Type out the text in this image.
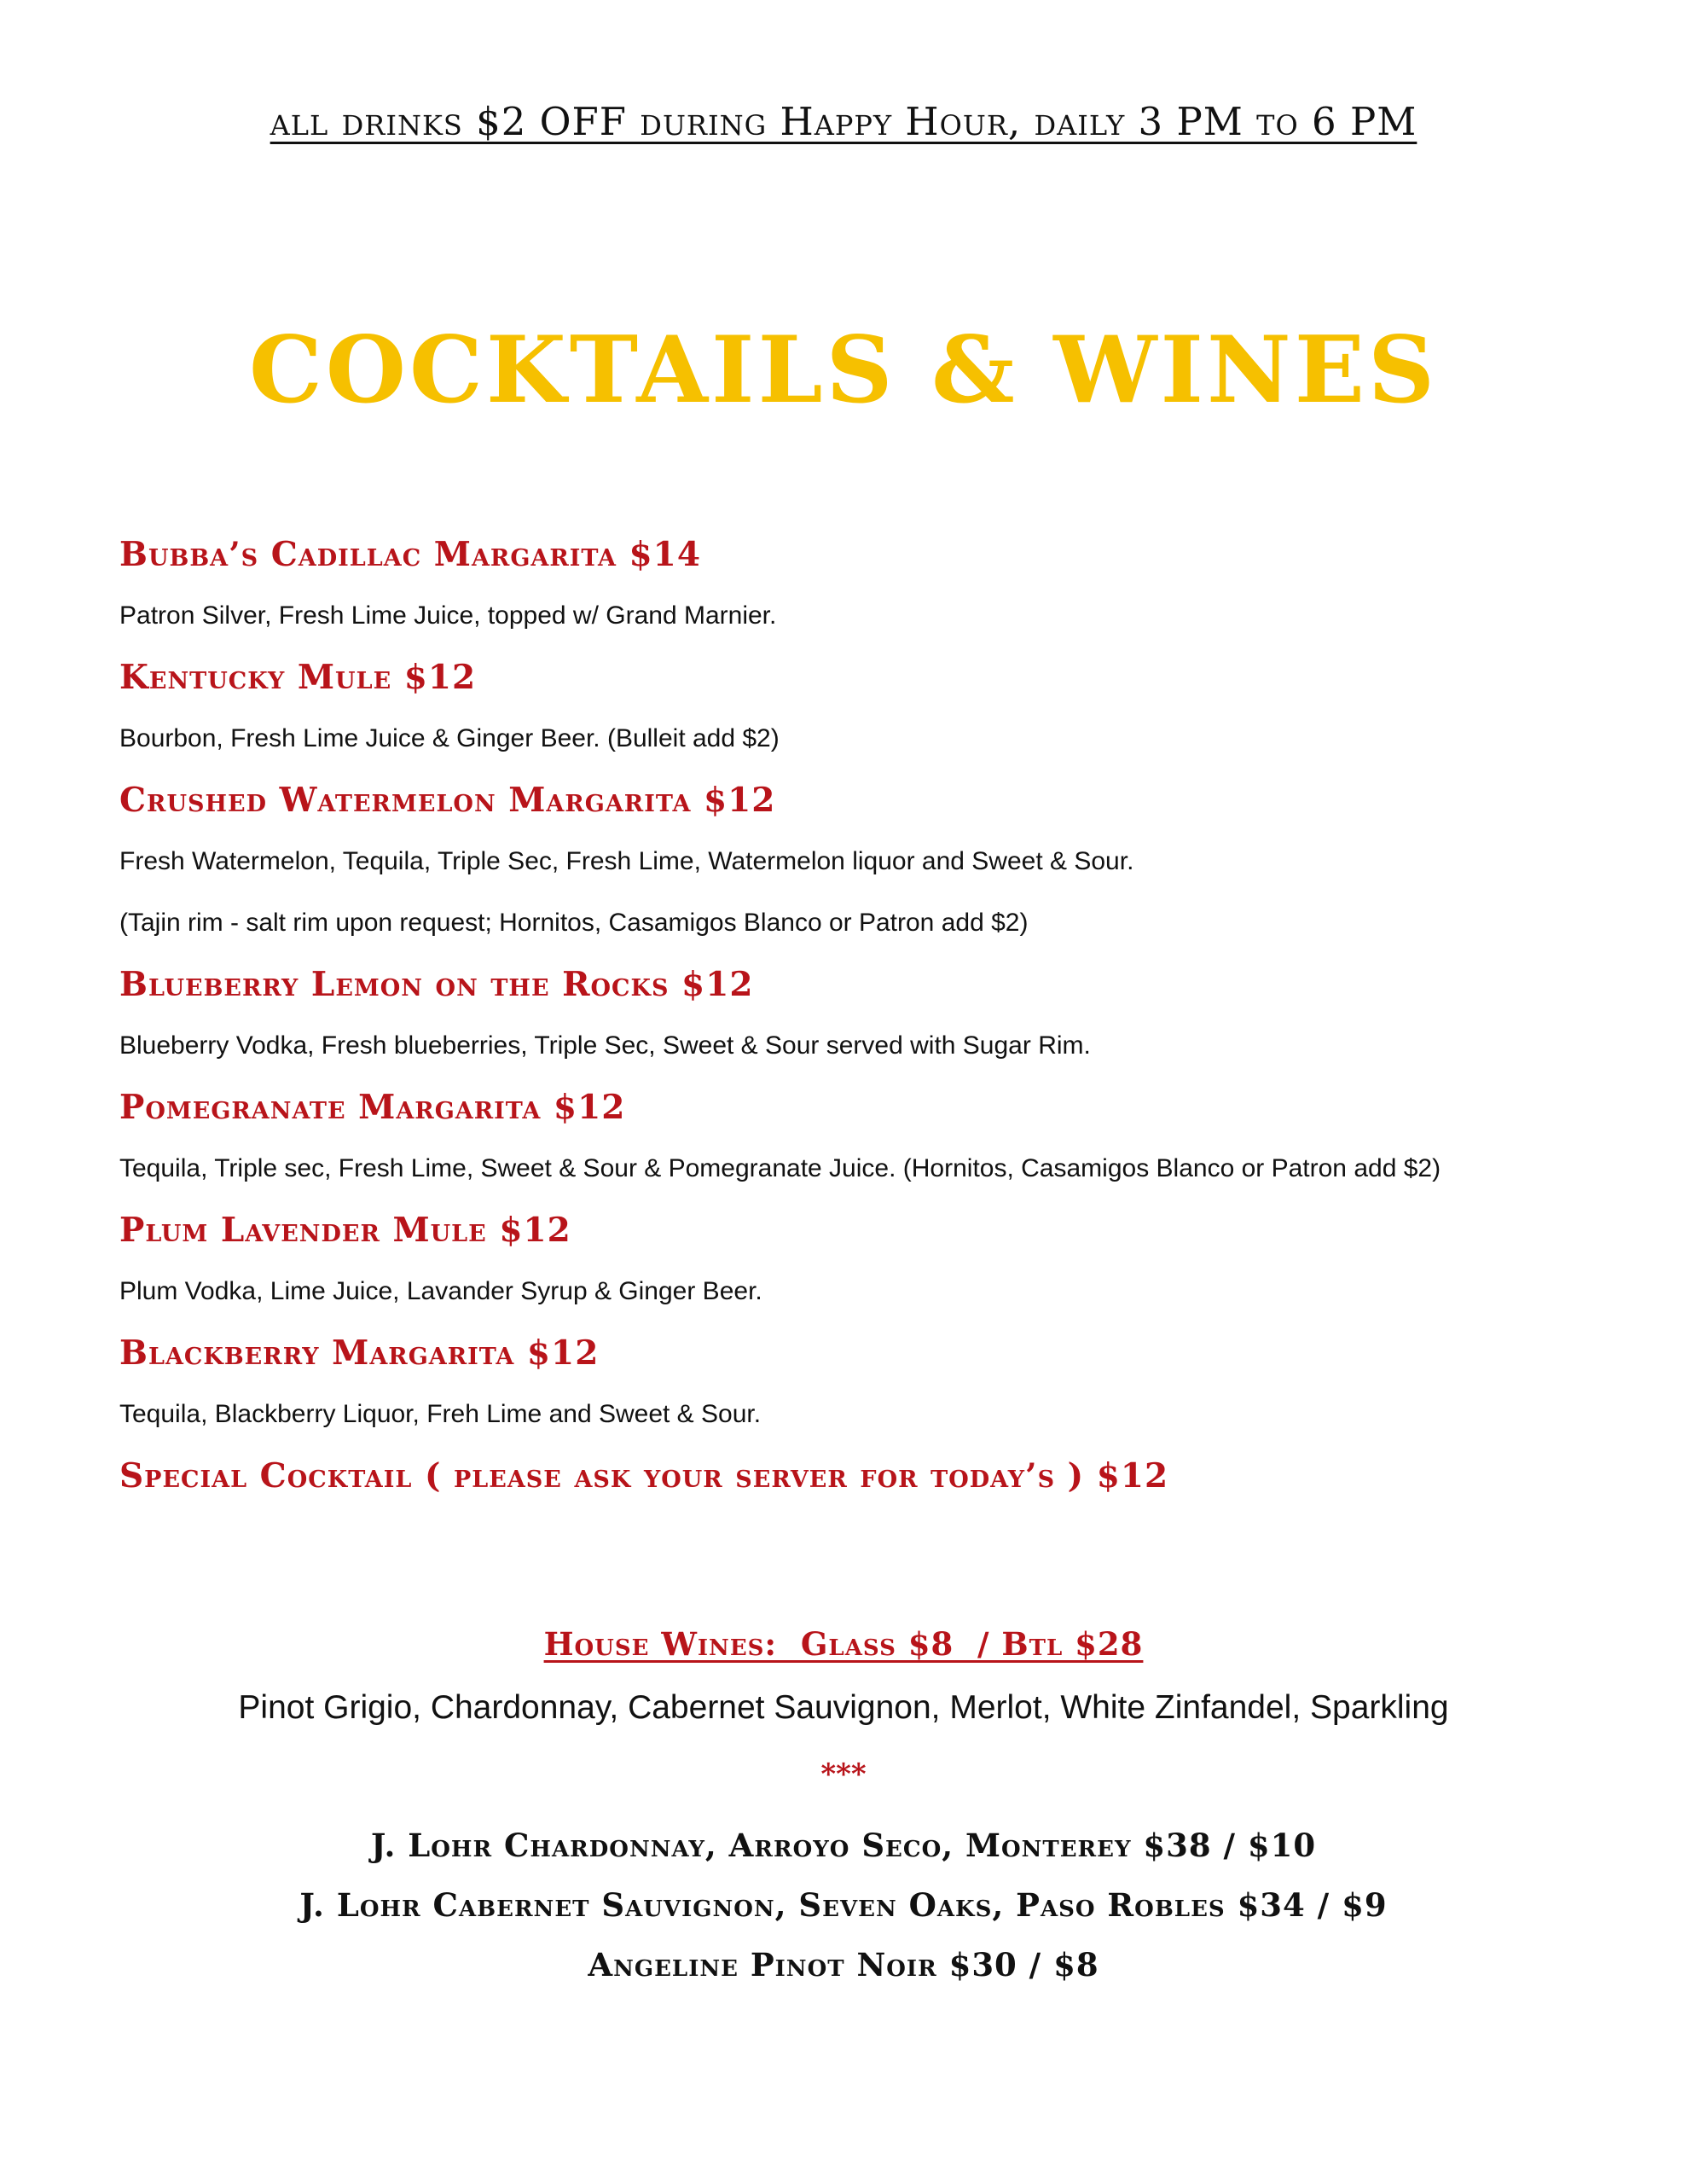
all drinks $2 OFF during Happy Hour, daily 3 PM to 6 PM
COCKTAILS & WINES
Bubba’s Cadillac Margarita $14
Patron Silver, Fresh Lime Juice, topped w/ Grand Marnier.
Kentucky Mule $12
Bourbon, Fresh Lime Juice & Ginger Beer. (Bulleit add $2)
Crushed Watermelon Margarita $12
Fresh Watermelon, Tequila, Triple Sec, Fresh Lime, Watermelon liquor and Sweet & Sour.
(Tajin rim - salt rim upon request; Hornitos, Casamigos Blanco or Patron add $2)
Blueberry Lemon on the Rocks $12
Blueberry Vodka, Fresh blueberries, Triple Sec, Sweet & Sour served with Sugar Rim.
Pomegranate Margarita $12
Tequila, Triple sec, Fresh Lime, Sweet & Sour & Pomegranate Juice. (Hornitos, Casamigos Blanco or Patron add $2)
Plum Lavender Mule $12
Plum Vodka, Lime Juice, Lavander Syrup & Ginger Beer.
Blackberry Margarita $12
Tequila, Blackberry Liquor, Freh Lime and Sweet & Sour.
Special Cocktail ( please ask your server for today’s ) $12
House Wines:  Glass $8  / Btl $28
Pinot Grigio, Chardonnay, Cabernet Sauvignon, Merlot, White Zinfandel, Sparkling
***
J. Lohr Chardonnay, Arroyo Seco, Monterey $38 / $10
J. Lohr Cabernet Sauvignon, Seven Oaks, Paso Robles $34 / $9
Angeline Pinot Noir $30 / $8
